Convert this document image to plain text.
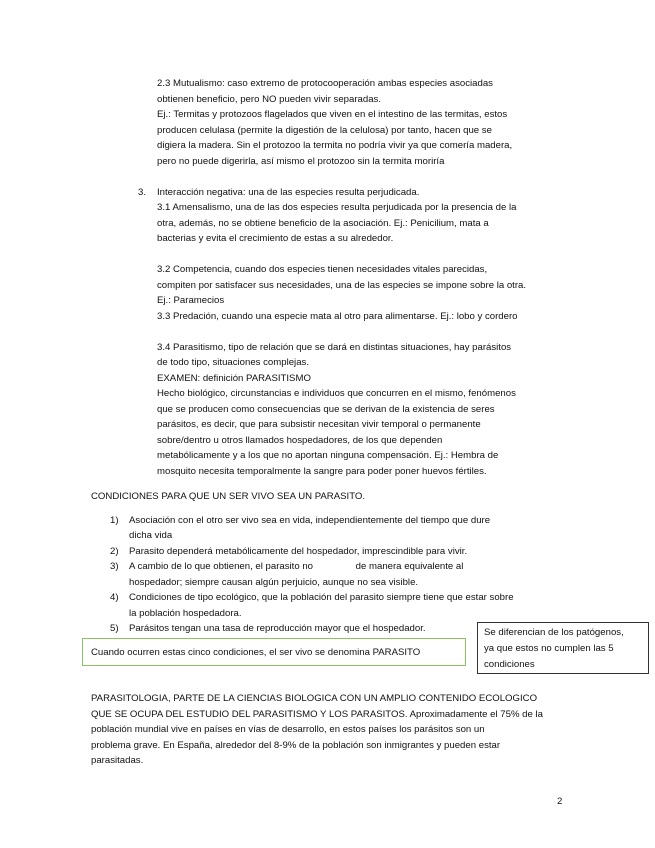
2.3 Mutualismo: caso extremo de protocooperación ambas especies asociadas
obtienen beneficio, pero NO pueden vivir separadas.
Ej.: Termitas y protozoos flagelados que viven en el intestino de las termitas, estos
producen celulasa (permite la digestión de la celulosa) por tanto, hacen que se
digiera la madera. Sin el protozoo la termita no podría vivir ya que comería madera,
pero no puede digerirla, así mismo el protozoo sin la termita moriría
3. Interacción negativa: una de las especies resulta perjudicada.
3.1 Amensalismo, una de las dos especies resulta perjudicada por la presencia de la
otra, además, no se obtiene beneficio de la asociación. Ej.: Penicilium, mata a
bacterias y evita el crecimiento de estas a su alrededor.
3.2 Competencia, cuando dos especies tienen necesidades vitales parecidas,
compiten por satisfacer sus necesidades, una de las especies se impone sobre la otra.
Ej.: Paramecios
3.3 Predación, cuando una especie mata al otro para alimentarse. Ej.: lobo y cordero
3.4 Parasitismo, tipo de relación que se dará en distintas situaciones, hay parásitos
de todo tipo, situaciones complejas.
EXAMEN: definición PARASITISMO
Hecho biológico, circunstancias e individuos que concurren en el mismo, fenómenos
que se producen como consecuencias que se derivan de la existencia de seres
parásitos, es decir, que para subsistir necesitan vivir temporal o permanente
sobre/dentro u otros llamados hospedadores, de los que dependen
metabólicamente y a los que no aportan ninguna compensación. Ej.: Hembra de
mosquito necesita temporalmente la sangre para poder poner huevos fértiles.
CONDICIONES PARA QUE UN SER VIVO SEA UN PARASITO.
1) Asociación con el otro ser vivo sea en vida, independientemente del tiempo que dure
dicha vida
2) Parasito dependerá metabólicamente del hospedador, imprescindible para vivir.
3) A cambio de lo que obtienen, el parasito no                de manera equivalente al
hospedador; siempre causan algún perjuicio, aunque no sea visible.
4) Condiciones de tipo ecológico, que la población del parasito siempre tiene que estar sobre
la población hospedadora.
5) Parásitos tengan una tasa de reproducción mayor que el hospedador.
Cuando ocurren estas cinco condiciones, el ser vivo se denomina PARASITO
Se diferencian de los patógenos,
ya que estos no cumplen las 5
condiciones
PARASITOLOGIA, PARTE DE LA CIENCIAS BIOLOGICA CON UN AMPLIO CONTENIDO ECOLOGICO
QUE SE OCUPA DEL ESTUDIO DEL PARASITISMO Y LOS PARASITOS. Aproximadamente el 75% de la
población mundial vive en países en vías de desarrollo, en estos países los parásitos son un
problema grave. En España, alrededor del 8-9% de la población son inmigrantes y pueden estar
parasitadas.
2
